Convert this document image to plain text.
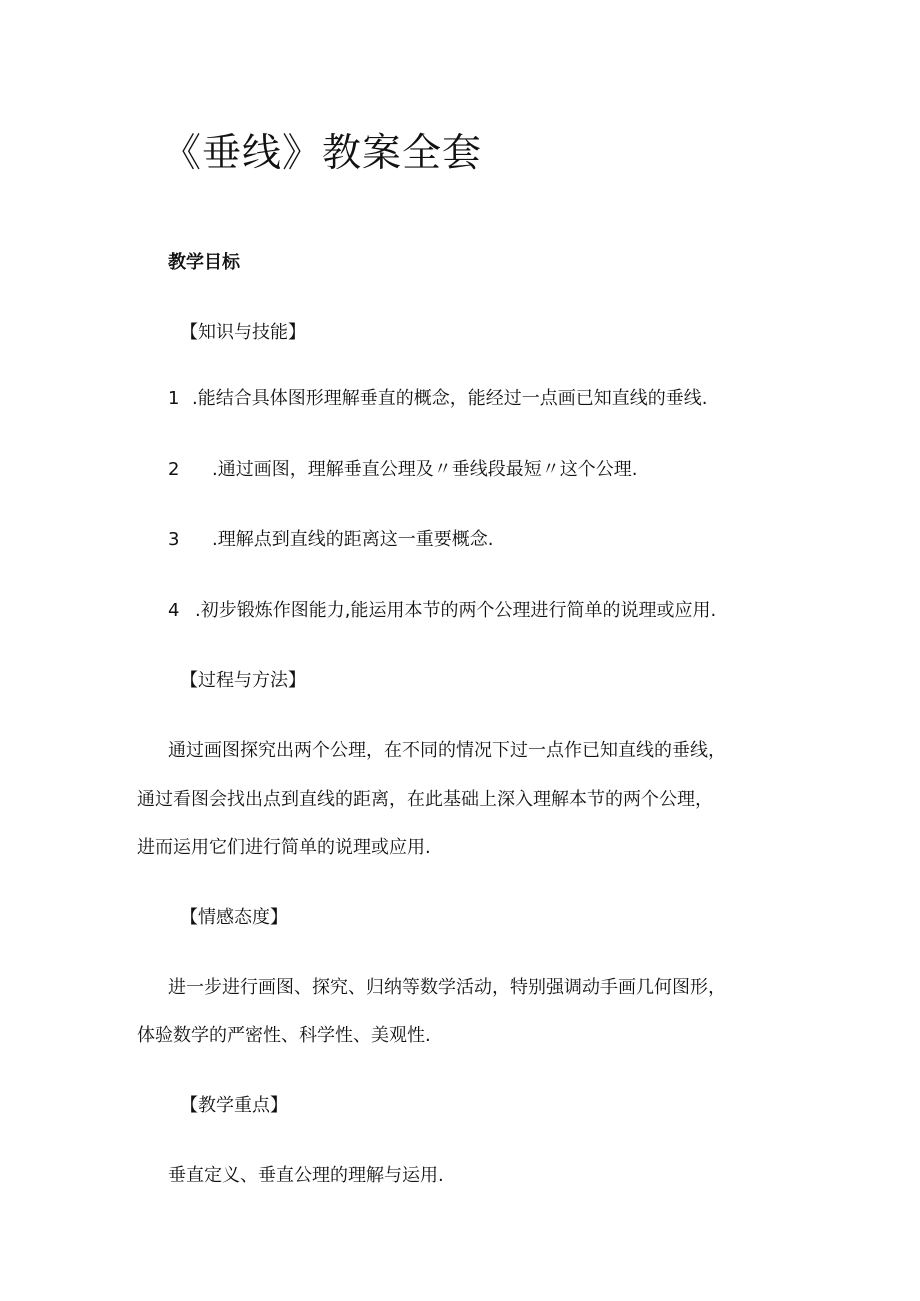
《垂线》教案全套
教学目标
【知识与技能】
1 .能结合具体图形理解垂直的概念，能经过一点画已知直线的垂线.
2 .通过画图，理解垂直公理及〃垂线段最短〃这个公理.
3 .理解点到直线的距离这一重要概念.
4 .初步锻炼作图能力,能运用本节的两个公理进行简单的说理或应用.
【过程与方法】
通过画图探究出两个公理，在不同的情况下过一点作已知直线的垂线，
通过看图会找出点到直线的距离，在此基础上深入理解本节的两个公理，
进而运用它们进行简单的说理或应用.
【情感态度】
进一步进行画图、探究、归纳等数学活动，特别强调动手画几何图形，
体验数学的严密性、科学性、美观性.
【教学重点】
垂直定义、垂直公理的理解与运用.
